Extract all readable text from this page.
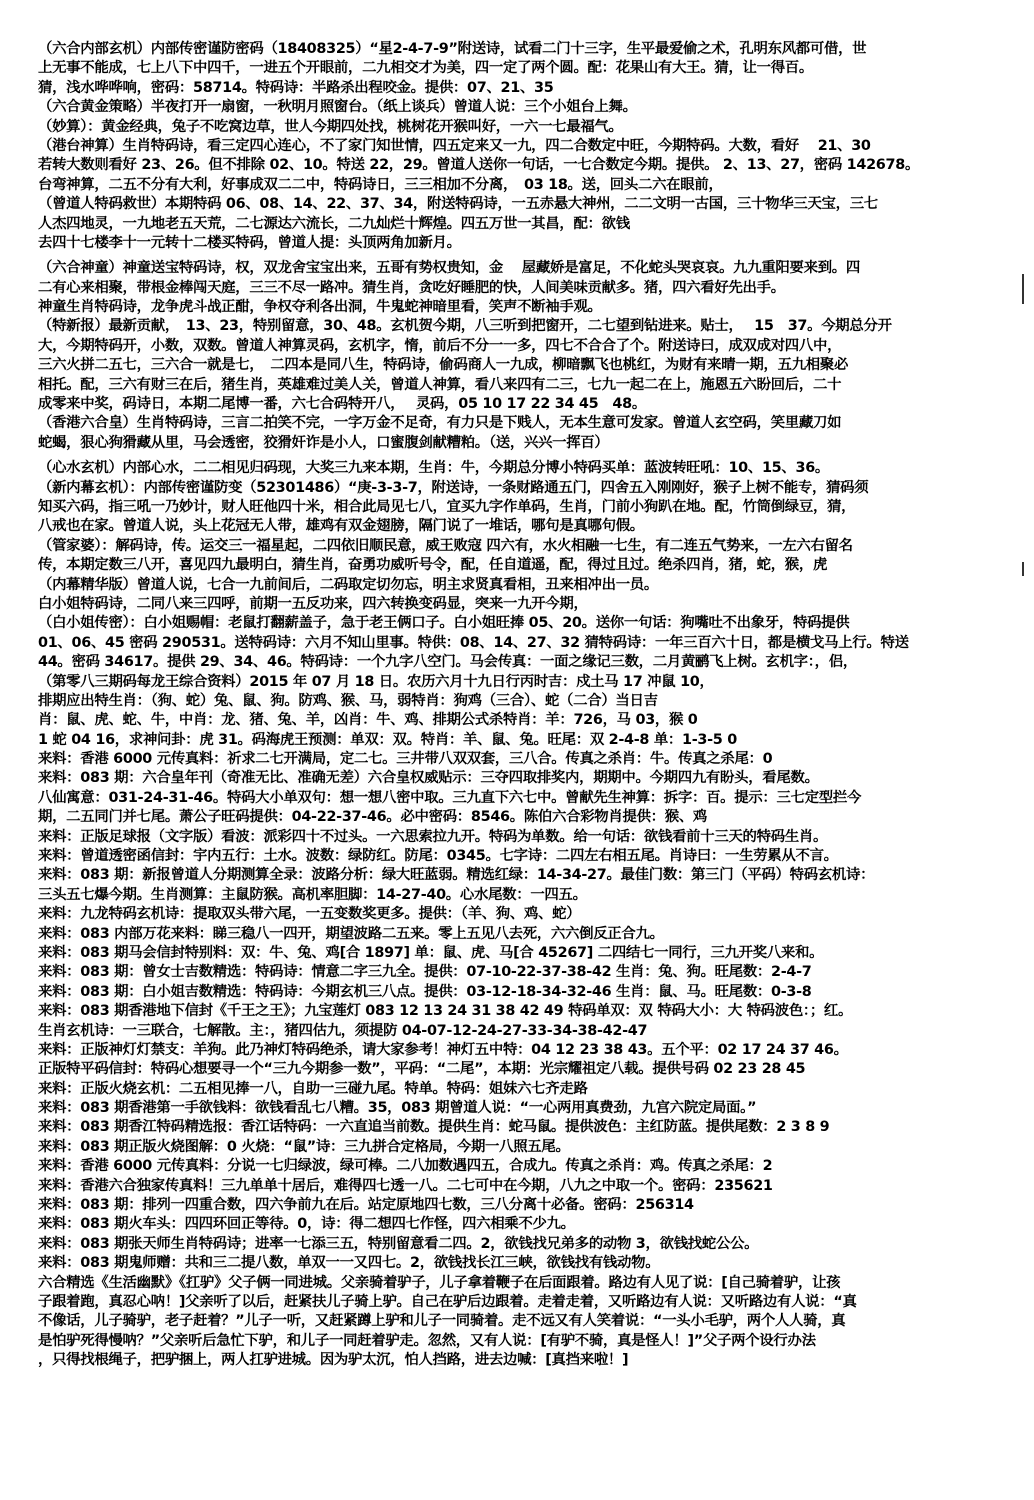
（六合内部玄机）内部传密谨防密码（18408325）“星2-4-7-9”附送诗，试看二门十三字，生平最爱偷之术，孔明东风都可借，世
上无事不能成，七上八下中四千，一进五个开眼前，二九相交才为美，四一定了两个圆。配：花果山有大王。猜，让一得百。
猜，浅水哗哗响，密码：58714。特码诗：半路杀出程咬金。提供：07、21、35
（六合黄金策略）半夜打开一扇窗，一秋明月照窗台。（纸上谈兵）曾道人说：三个小姐台上舞。
（妙算）：黄金经典，兔子不吃窝边草，世人今期四处找，桃树花开猴叫好，一六一七最福气。
（港台神算）生肖特码诗，看三定四心连心，不了家门知世情，四五定来又一九，四二合数定中旺，今期特码。大数，看好　 21、30
若转大数则看好 23、26。但不排除 02、10。特送 22，29。曾道人送你一句话，一七合数定今期。提供。 2、13、27，密码 142678。
台弯神算，二五不分有大利，好事成双二二中，特码诗日，三三相加不分离，　03 18。送，回头二六在眼前，
（曾道人特码救世）本期特码 06、08、14、22、37、34，附送特码诗，一五赤悬大神州，二二文明一古国，三十物华三天宝，三七
人杰四地灵，一九地老五天荒，二七源达六流长，二九灿烂十辉煌。四五万世一其昌，配：欲钱
去四十七楼李十一元转十二楼买特码，曾道人提：头顶两角加新月。
（六合神童）神童送宝特码诗，权，双龙舍宝宝出来，五哥有势权贵知，金　 屋藏娇是富足，不化蛇头哭哀哀。九九重阳要来到。四
二有心来相聚，带根金棒闯天庭，三三不尽一路冲。猜生肖，贪吃好睡肥的快，人间美味贡献多。猪，四六看好先出手。
神童生肖特码诗，龙争虎斗战正酣，争权夺利各出洞，牛鬼蛇神暗里看，笑声不断袖手观。
（特新报）最新贡献，　13、23，特别留意，30、48。玄机贺今期，八三听到把窗开，二七望到钻进来。贴士，　 15　37。今期总分开
大，今期特码开，小数，双数。曾道人神算灵码，玄机字，惰，前后不分一一多，四七不合合了个。附送诗曰，成双成对四八中，
三六火拼二五七，三六合一就是七，　二四本是同八生，特码诗，偷码商人一九成，柳暗飘飞也桃红，为财有来晴一期，五九相聚必
相托。配，三六有财三在后，猪生肖，英雄难过美人关，曾道人神算，看八来四有二三，七九一起二在上，施恩五六盼回后，二十
成零来中奖，码诗日，本期二尾博一番，六七合码特开八，　 灵码，05 10 17 22 34 45　48。
（香港六合皇）生肖特码诗，三言二拍笑不完，一字万金不足奇，有力只是下贱人，无本生意可发家。曾道人玄空码，笑里藏刀如
蛇蝎，狠心狗猾藏从里，马会透密，狡猾奸诈是小人，口蜜腹剑献糟粕。（送，兴兴一挥百）
（心水玄机）内部心水，二二相见归码现，大奖三九来本期，生肖：牛，今期总分博小特码买单：蓝波转旺吼：10、15、36。
（新内幕玄机）：内部传密谨防变（52301486）“庚-3-3-7，附送诗，一条财路通五门，四舍五入刚刚好，猴子上树不能专，猜码须
知买六码，指三吼一乃妙计，财人旺他四十米，相合此局见七八，宜买九字作单码，生肖，门前小狗趴在地。配，竹筒倒绿豆，猜，
八戒也在家。曾道人说，头上花冠无人带，雄鸡有双金翅膀，隔门说了一堆话，哪句是真哪句假。
（管家婆）：解码诗，传。运交三一福星起，二四依旧顺民意，威王败寇 四六有，水火相融一七生，有二连五气势来，一左六右留名
传，本期定数三八开，喜见四九最明白，猜生肖，奋勇功威听号令，配，任自道遥，配，得过且过。绝杀四肖，猪，蛇，猴，虎
（内幕精华版）曾道人说，七合一九前间后，二码取定切勿忘，明主求贤真看相，丑来相冲出一员。
白小姐特码诗，二同八来三四呼，前期一五反功来，四六转换变码显，突来一九开今期，
（白小姐传密）：白小姐赐帽：老鼠打翻薪盖子，急于老王俩口子。白小姐旺捧 05、20。送你一句话：狗嘴吐不出象牙，特码提供
01、06、45 密码 290531。送特码诗：六月不知山里事。特供：08、14、27、32 猜特码诗：一年三百六十日，都是横戈马上行。特送
44。密码 34617。提供 29、34、46。特码诗：一个九字八空门。马会传真：一面之缘记三数，二月黄鹂飞上树。玄机字：，侣，
（第零八三期码每龙王综合资料）2015 年 07 月 18 日。农历六月十九日行丙时吉：戍土马 17 冲鼠 10，
排期应出特生肖：（狗、蛇）兔、鼠、狗。防鸡、猴、马，弱特肖：狗鸡（三合）、蛇（二合）当日吉
肖：鼠、虎、蛇、牛，中肖：龙、猪、兔、羊，凶肖：牛、鸡、排期公式杀特肖：羊：726，马 03，猴 0
1 蛇 04 16，求神问卦：虎 31。码海虎王预测：单双：双。特肖：羊、鼠、兔。旺尾：双 2-4-8 单：1-3-5 0
来料：香港 6000 元传真料：祈求二七开满局，定二七。三井带八双双套，三八合。传真之杀肖：牛。传真之杀尾：0
来料：083 期：六合皇年刊（奇准无比、准确无差）六合皇权威贴示：三夺四取排奖内，期期中。今期四九有盼头，看尾数。
八仙寓意：031-24-31-46。特码大小单双句：想一想八密中取。三九直下六七中。曾献先生神算：拆字：百。提示：三七定型拦今
期，二五同门并七尾。萧公子旺码提供：04-22-37-46。必中密码：8546。陈伯六合彩物肖提供：猴、鸡
来料：正版足球报（文字版）看波：派彩四十不过头。一六思索拉九开。特码为单数。给一句话：欲钱看前十三天的特码生肖。
来料：曾道透密函信封：宇内五行：土水。波数：绿防红。防尾：0345。七字诗：二四左右相五尾。肖诗曰：一生劳累从不言。
来料：083 期：新报曾道人分期测算全录：波路分析：绿大旺蓝弱。精选红绿：14-34-27。最佳门数：第三门（平码）特码玄机诗：
三头五七爆今期。生肖测算：主鼠防猴。高机率胆脚：14-27-40。心水尾数：一四五。
来料：九龙特码玄机诗：提取双头带六尾，一五变数奖更多。提供：（羊、狗、鸡、蛇）
来料：083 内部万花来料：睇三稳八一四开，期望波路二五来。零上五见八去死，六六倒反正合九。
来料：083 期马会信封特别料：双：牛、兔、鸡[合 1897] 单：鼠、虎、马[合 45267] 二四结七一同行，三九开奖八来和。
来料：083 期：曾女士吉数精选：特码诗：情意二字三九全。提供：07-10-22-37-38-42 生肖：兔、狗。旺尾数：2-4-7
来料：083 期：白小姐吉数精选：特码诗：今期玄机三八点。提供：03-12-18-34-32-46 生肖：鼠、马。旺尾数：0-3-8
来料：083 期香港地下信封《千王之王》；九宝莲灯 083 12 13 24 31 38 42 49 特码单双：双 特码大小：大 特码波色：；红。
生肖玄机诗：一三联合，七解散。主：，猪四估九，须提防 04-07-12-24-27-33-34-38-42-47
来料：正版神灯灯禁支：羊狗。此乃神灯特码绝杀，请大家参考！神灯五中特：04 12 23 38 43。五个平：02 17 24 37 46。
正版特平码信封：特码心想要寻一个“三九今期参一数”，平码：“二尾”，本期：光宗耀祖定八载。提供号码 02 23 28 45
来料：正版火烧玄机：二五相见捧一八，自助一三碰九尾。特单。特码：姐妹六七齐走路
来料：083 期香港第一手欲钱料：欲钱看乱七八糟。35，083 期曾道人说：“一心两用真费劲，九宫六院定局面。”
来料：083 期香江特码精选报：香江话特码：一六直追当前数。提供生肖：蛇马鼠。提供波色：主红防蓝。提供尾数：2 3 8 9
来料：083 期正版火烧图解：0 火烧：“鼠”诗：三九拼合定格局，今期一八照五尾。
来料：香港 6000 元传真料：分说一七归绿波，绿可棒。二八加数遇四五，合成九。传真之杀肖：鸡。传真之杀尾：2
来料：香港六合独家传真料！三九单单十居后，难得四七透一八。二七可中在今期，八九之中取一个。密码：235621
来料：083 期：排列一四重合数，四六争前九在后。站定原地四七数，三八分离十必备。密码：256314
来料：083 期火车头：四四环回正等待。0，诗：得二想四七作怪，四六相乘不少九。
来料：083 期张天师生肖特码诗；进率一七添三五，特别留意看二四。2，欲钱找兄弟多的动物 3，欲钱找蛇公公。
来料：083 期鬼师赠：共和三二提八数，单双一一又四七。2，欲钱找长江三峡，欲钱找有钱动物。
六合精选《生活幽默》《扛驴》父子俩一同进城。父亲骑着驴子，儿子拿着鞭子在后面跟着。路边有人见了说：[自己骑着驴，让孩
子跟着跑，真忍心呐！]父亲听了以后，赶紧扶儿子骑上驴。自己在驴后边跟着。走着走着，又听路边有人说：又听路边有人说：“真
不像话，儿子骑驴，老子赶着？”儿子一听，又赶紧蹲上驴和儿子一同骑着。走不远又有人笑着说：“一头小毛驴，两个人人骑，真
是怕驴死得慢呐？”父亲听后急忙下驴，和儿子一同赶着驴走。忽然，又有人说：[有驴不骑，真是怪人！]”父子两个设行办法
，只得找根绳子，把驴捆上，两人扛驴进城。因为驴太沉，怕人挡路，进去边喊：[真挡来啦！]
